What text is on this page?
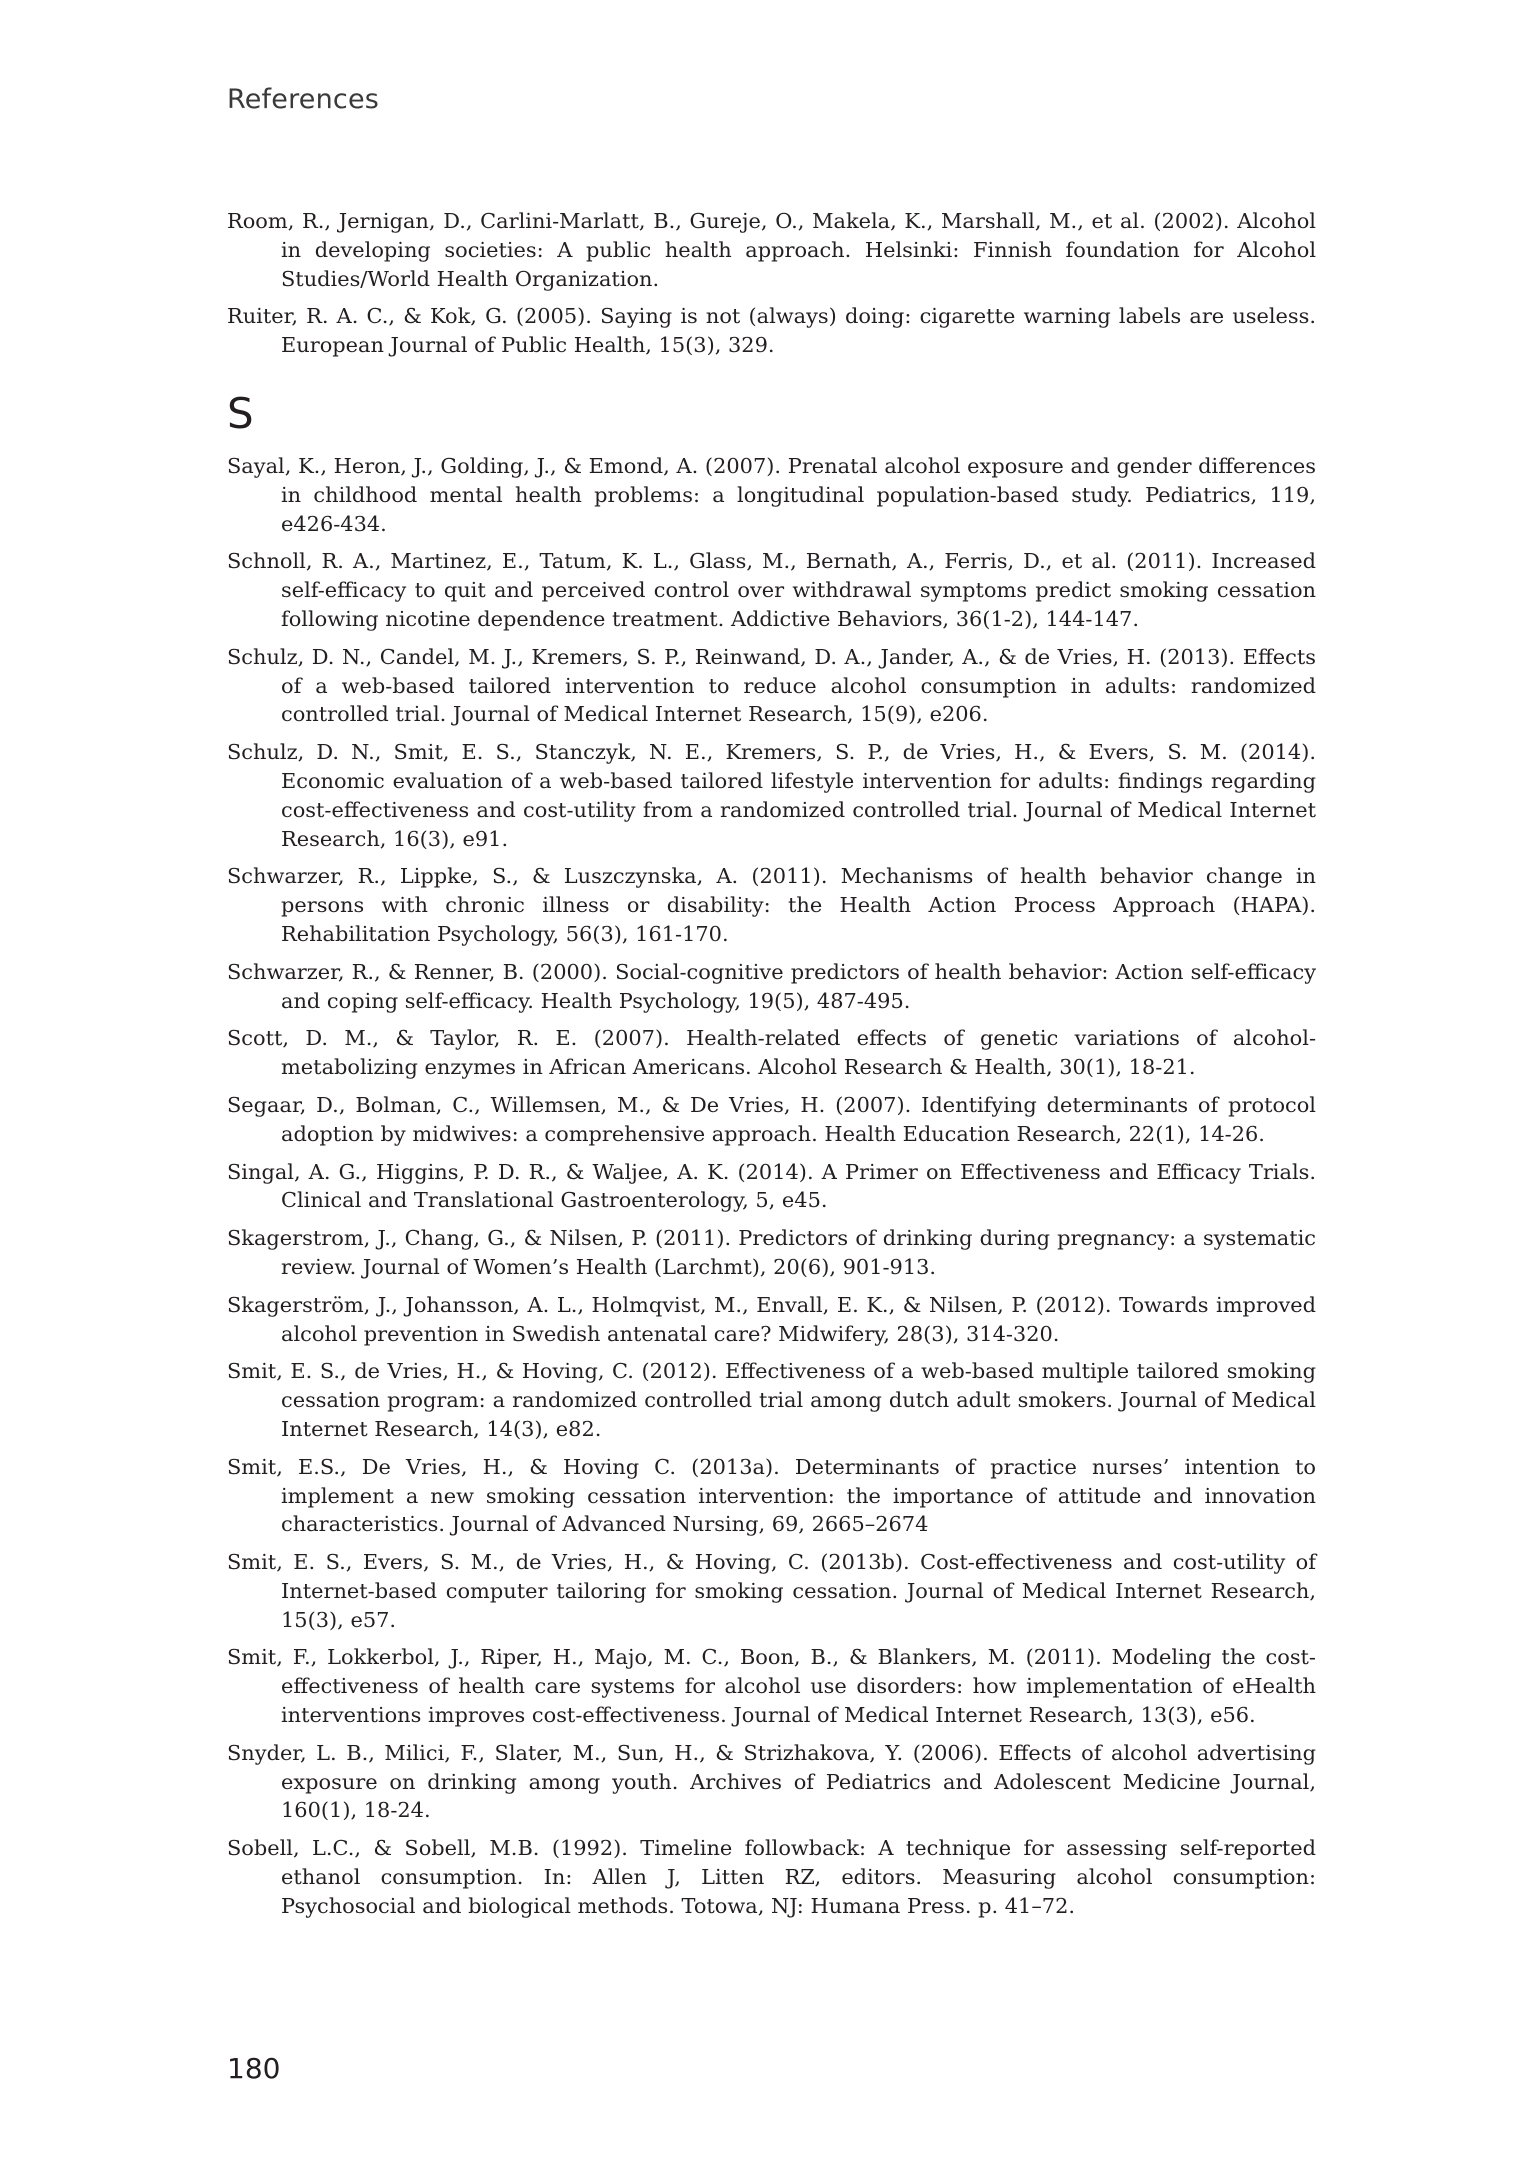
References
Room, R., Jernigan, D., Carlini-Marlatt, B., Gureje, O., Makela, K., Marshall, M., et al. (2002). Alcohol in developing societies: A public health approach. Helsinki: Finnish foundation for Alcohol Studies/World Health Organization.
Ruiter, R. A. C., & Kok, G. (2005). Saying is not (always) doing: cigarette warning labels are useless. European Journal of Public Health, 15(3), 329.
S
Sayal, K., Heron, J., Golding, J., & Emond, A. (2007). Prenatal alcohol exposure and gender differences in childhood mental health problems: a longitudinal population-based study. Pediatrics, 119, e426-434.
Schnoll, R. A., Martinez, E., Tatum, K. L., Glass, M., Bernath, A., Ferris, D., et al. (2011). Increased self-efficacy to quit and perceived control over withdrawal symptoms predict smoking cessation following nicotine dependence treatment. Addictive Behaviors, 36(1-2), 144-147.
Schulz, D. N., Candel, M. J., Kremers, S. P., Reinwand, D. A., Jander, A., & de Vries, H. (2013). Effects of a web-based tailored intervention to reduce alcohol consumption in adults: randomized controlled trial. Journal of Medical Internet Research, 15(9), e206.
Schulz, D. N., Smit, E. S., Stanczyk, N. E., Kremers, S. P., de Vries, H., & Evers, S. M. (2014). Economic evaluation of a web-based tailored lifestyle intervention for adults: findings regarding cost-effectiveness and cost-utility from a randomized controlled trial. Journal of Medical Internet Research, 16(3), e91.
Schwarzer, R., Lippke, S., & Luszczynska, A. (2011). Mechanisms of health behavior change in persons with chronic illness or disability: the Health Action Process Approach (HAPA). Rehabilitation Psychology, 56(3), 161-170.
Schwarzer, R., & Renner, B. (2000). Social-cognitive predictors of health behavior: Action self-efficacy and coping self-efficacy. Health Psychology, 19(5), 487-495.
Scott, D. M., & Taylor, R. E. (2007). Health-related effects of genetic variations of alcohol-metabolizing enzymes in African Americans. Alcohol Research & Health, 30(1), 18-21.
Segaar, D., Bolman, C., Willemsen, M., & De Vries, H. (2007). Identifying determinants of protocol adoption by midwives: a comprehensive approach. Health Education Research, 22(1), 14-26.
Singal, A. G., Higgins, P. D. R., & Waljee, A. K. (2014). A Primer on Effectiveness and Efficacy Trials. Clinical and Translational Gastroenterology, 5, e45.
Skagerstrom, J., Chang, G., & Nilsen, P. (2011). Predictors of drinking during pregnancy: a systematic review. Journal of Women’s Health (Larchmt), 20(6), 901-913.
Skagerström, J., Johansson, A. L., Holmqvist, M., Envall, E. K., & Nilsen, P. (2012). Towards improved alcohol prevention in Swedish antenatal care? Midwifery, 28(3), 314-320.
Smit, E. S., de Vries, H., & Hoving, C. (2012). Effectiveness of a web-based multiple tailored smoking cessation program: a randomized controlled trial among dutch adult smokers. Journal of Medical Internet Research, 14(3), e82.
Smit, E.S., De Vries, H., & Hoving C. (2013a). Determinants of practice nurses’ intention to implement a new smoking cessation intervention: the importance of attitude and innovation characteristics. Journal of Advanced Nursing, 69, 2665–2674
Smit, E. S., Evers, S. M., de Vries, H., & Hoving, C. (2013b). Cost-effectiveness and cost-utility of Internet-based computer tailoring for smoking cessation. Journal of Medical Internet Research, 15(3), e57.
Smit, F., Lokkerbol, J., Riper, H., Majo, M. C., Boon, B., & Blankers, M. (2011). Modeling the cost-effectiveness of health care systems for alcohol use disorders: how implementation of eHealth interventions improves cost-effectiveness. Journal of Medical Internet Research, 13(3), e56.
Snyder, L. B., Milici, F., Slater, M., Sun, H., & Strizhakova, Y. (2006). Effects of alcohol advertising exposure on drinking among youth. Archives of Pediatrics and Adolescent Medicine Journal, 160(1), 18-24.
Sobell, L.C., & Sobell, M.B. (1992). Timeline followback: A technique for assessing self-reported ethanol consumption. In: Allen J, Litten RZ, editors. Measuring alcohol consumption: Psychosocial and biological methods. Totowa, NJ: Humana Press. p. 41–72.
180
